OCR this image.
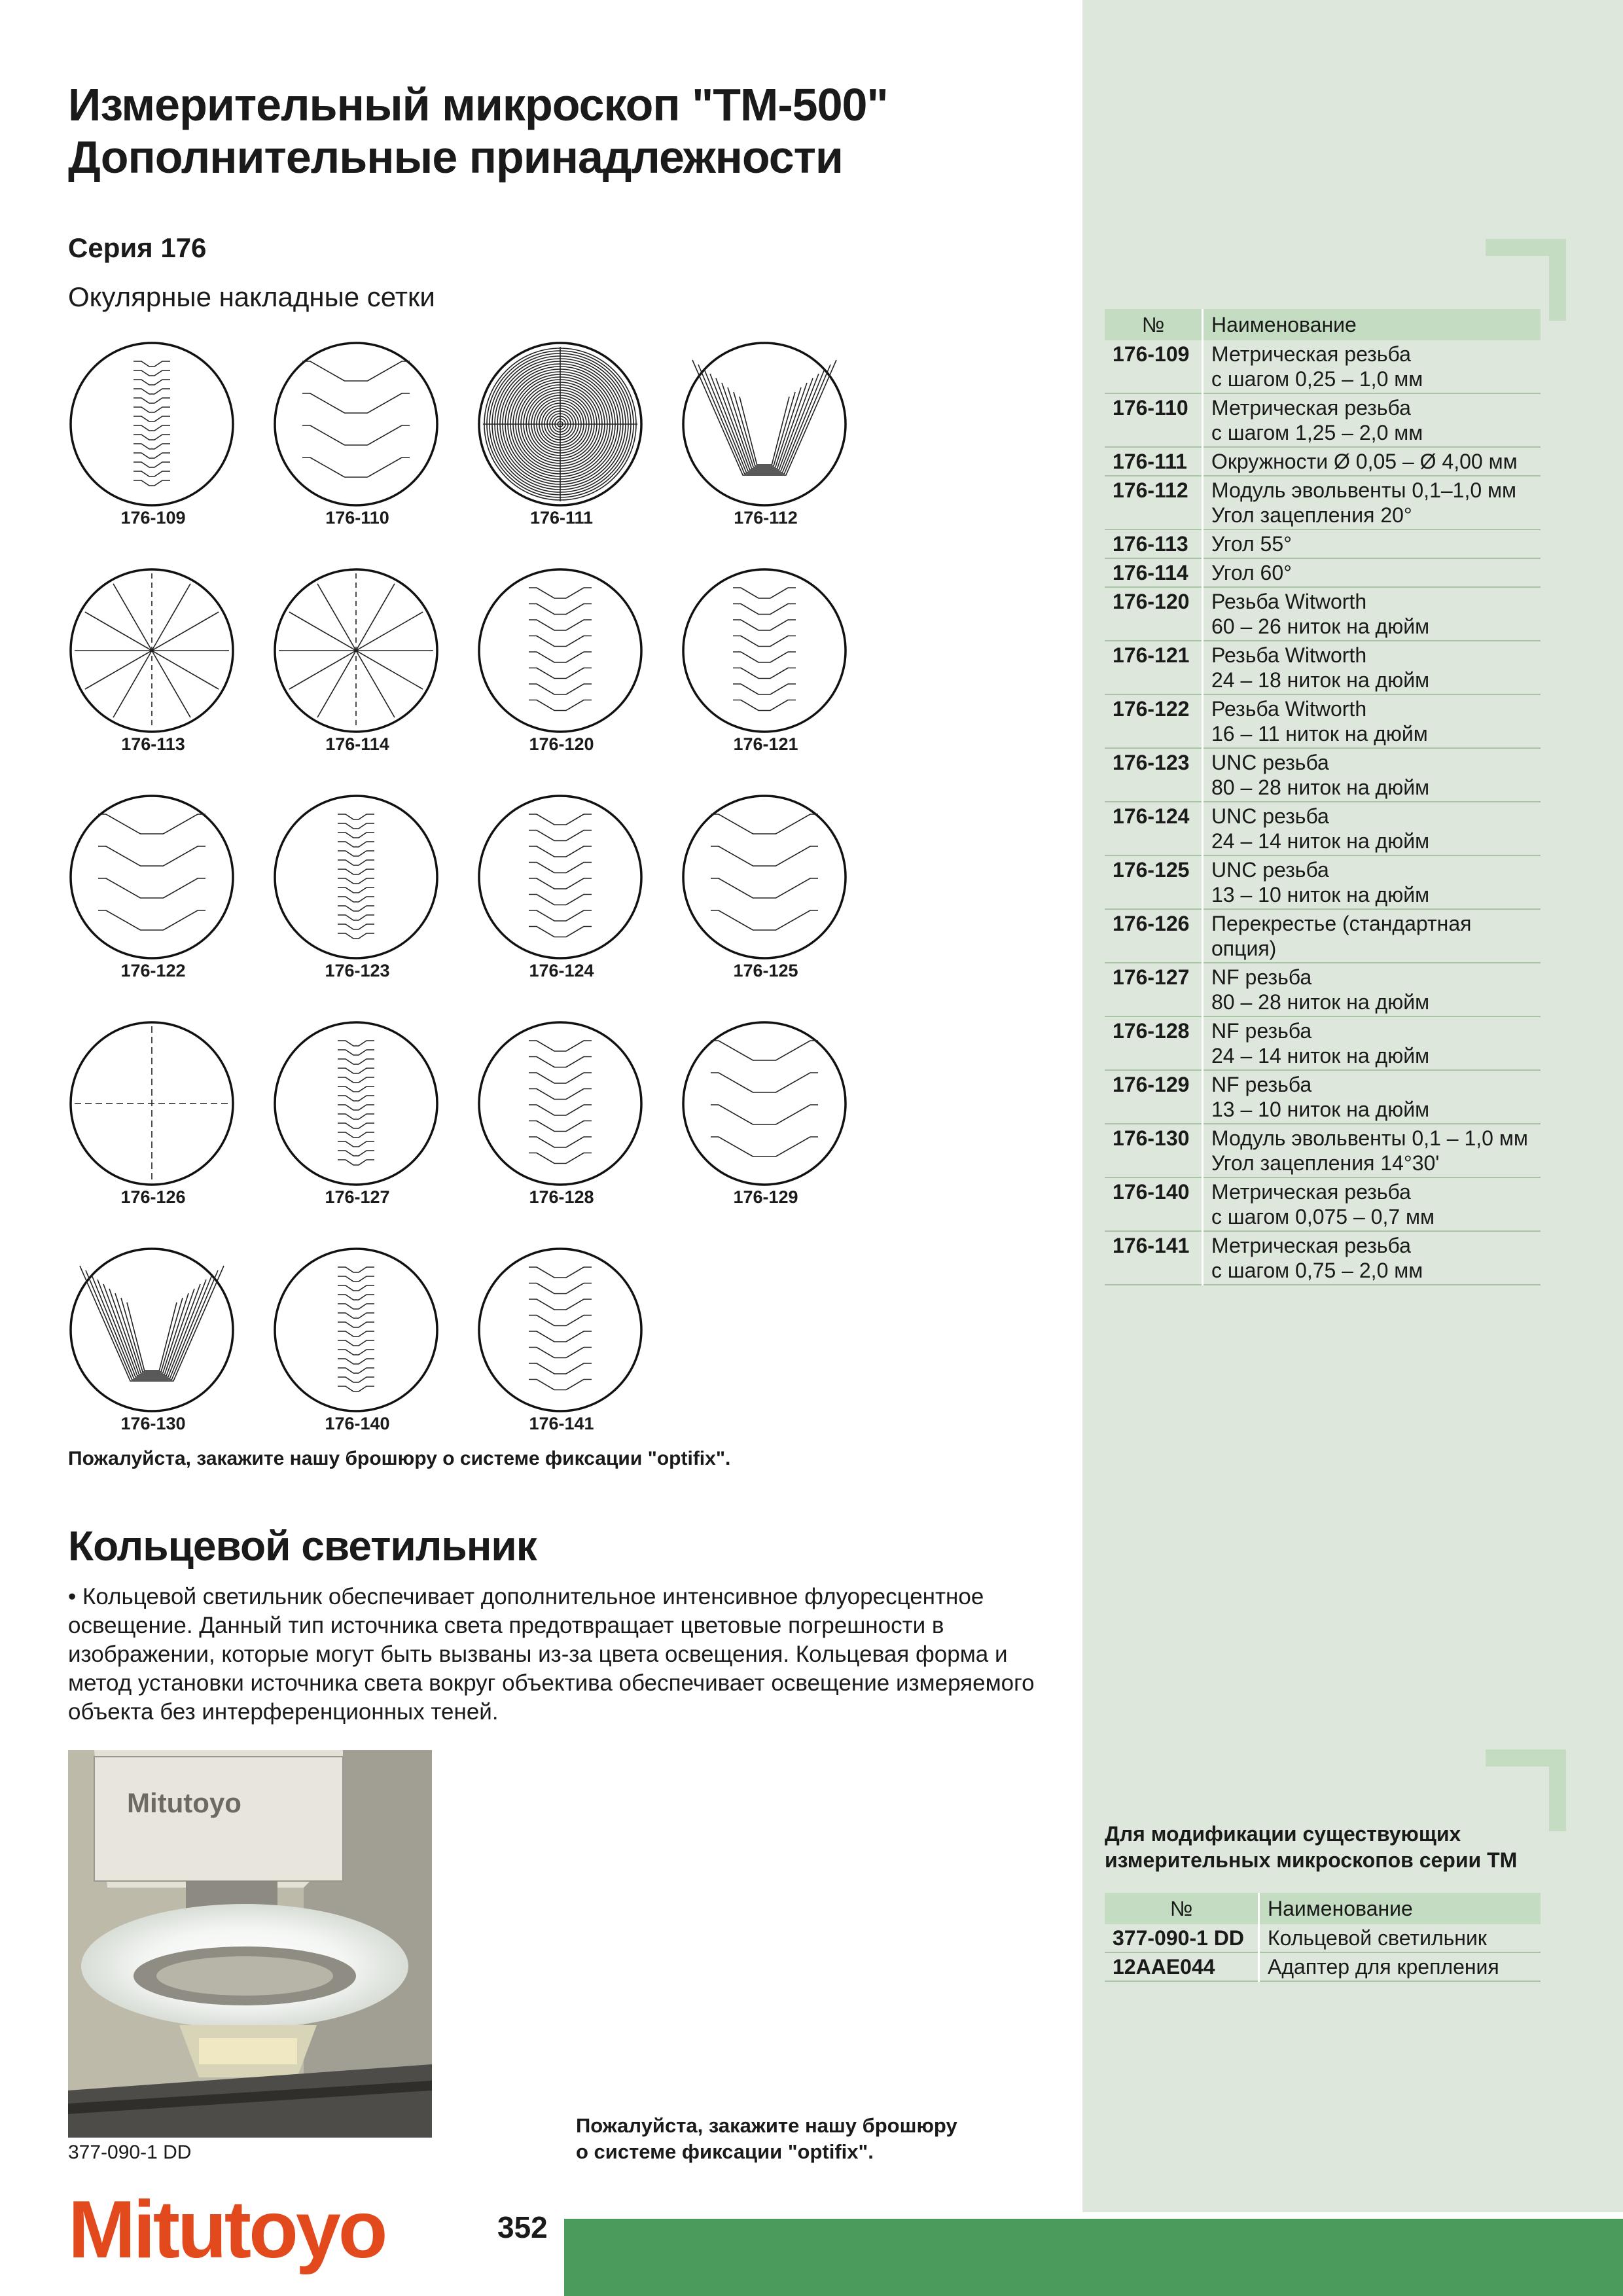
Измерительный микроскоп "TM-500"
Дополнительные принадлежности
Серия 176
Окулярные накладные сетки
176-109	176-110	176-111	176-112
176-113	176-114	176-120	176-121
176-122	176-123	176-124	176-125
176-126	176-127	176-128	176-129
176-130	176-140	176-141
Пожалуйста, закажите нашу брошюру о системе фиксации "optifix".
Кольцевой светильник
• Кольцевой светильник обеспечивает дополнительное интенсивное флуоресцентное освещение. Данный тип источника света предотвращает цветовые погрешности в изображении, которые могут быть вызваны из-за цвета освещения. Кольцевая форма и метод установки источника света вокруг объектива обеспечивает освещение измеряемого объекта без интерференционных теней.
Mitutoyo
377-090-1 DD
Пожалуйста, закажите нашу брошюру
о системе фиксации "optifix".
№	Наименование
176-109	Метрическая резьба
с шагом 0,25 – 1,0 мм
176-110	Метрическая резьба
с шагом 1,25 – 2,0 мм
176-111	Окружности Ø 0,05 – Ø 4,00 мм
176-112	Модуль эвольвенты 0,1–1,0 мм
Угол зацепления 20°
176-113	Угол 55°
176-114	Угол 60°
176-120	Резьба Witworth
60 – 26 ниток на дюйм
176-121	Резьба Witworth
24 – 18 ниток на дюйм
176-122	Резьба Witworth
16 – 11 ниток на дюйм
176-123	UNC резьба
80 – 28 ниток на дюйм
176-124	UNC резьба
24 – 14 ниток на дюйм
176-125	UNC резьба
13 – 10 ниток на дюйм
176-126	Перекрестье (стандартная опция)
176-127	NF резьба
80 – 28 ниток на дюйм
176-128	NF резьба
24 – 14 ниток на дюйм
176-129	NF резьба
13 – 10 ниток на дюйм
176-130	Модуль эвольвенты 0,1 – 1,0 мм
Угол зацепления 14°30'
176-140	Метрическая резьба
с шагом 0,075 – 0,7 мм
176-141	Метрическая резьба
с шагом 0,75 – 2,0 мм
Для модификации существующих
измерительных микроскопов серии TM
№	Наименование
377-090-1 DD	Кольцевой светильник
12AAE044	Адаптер для крепления
Mitutoyo	352
